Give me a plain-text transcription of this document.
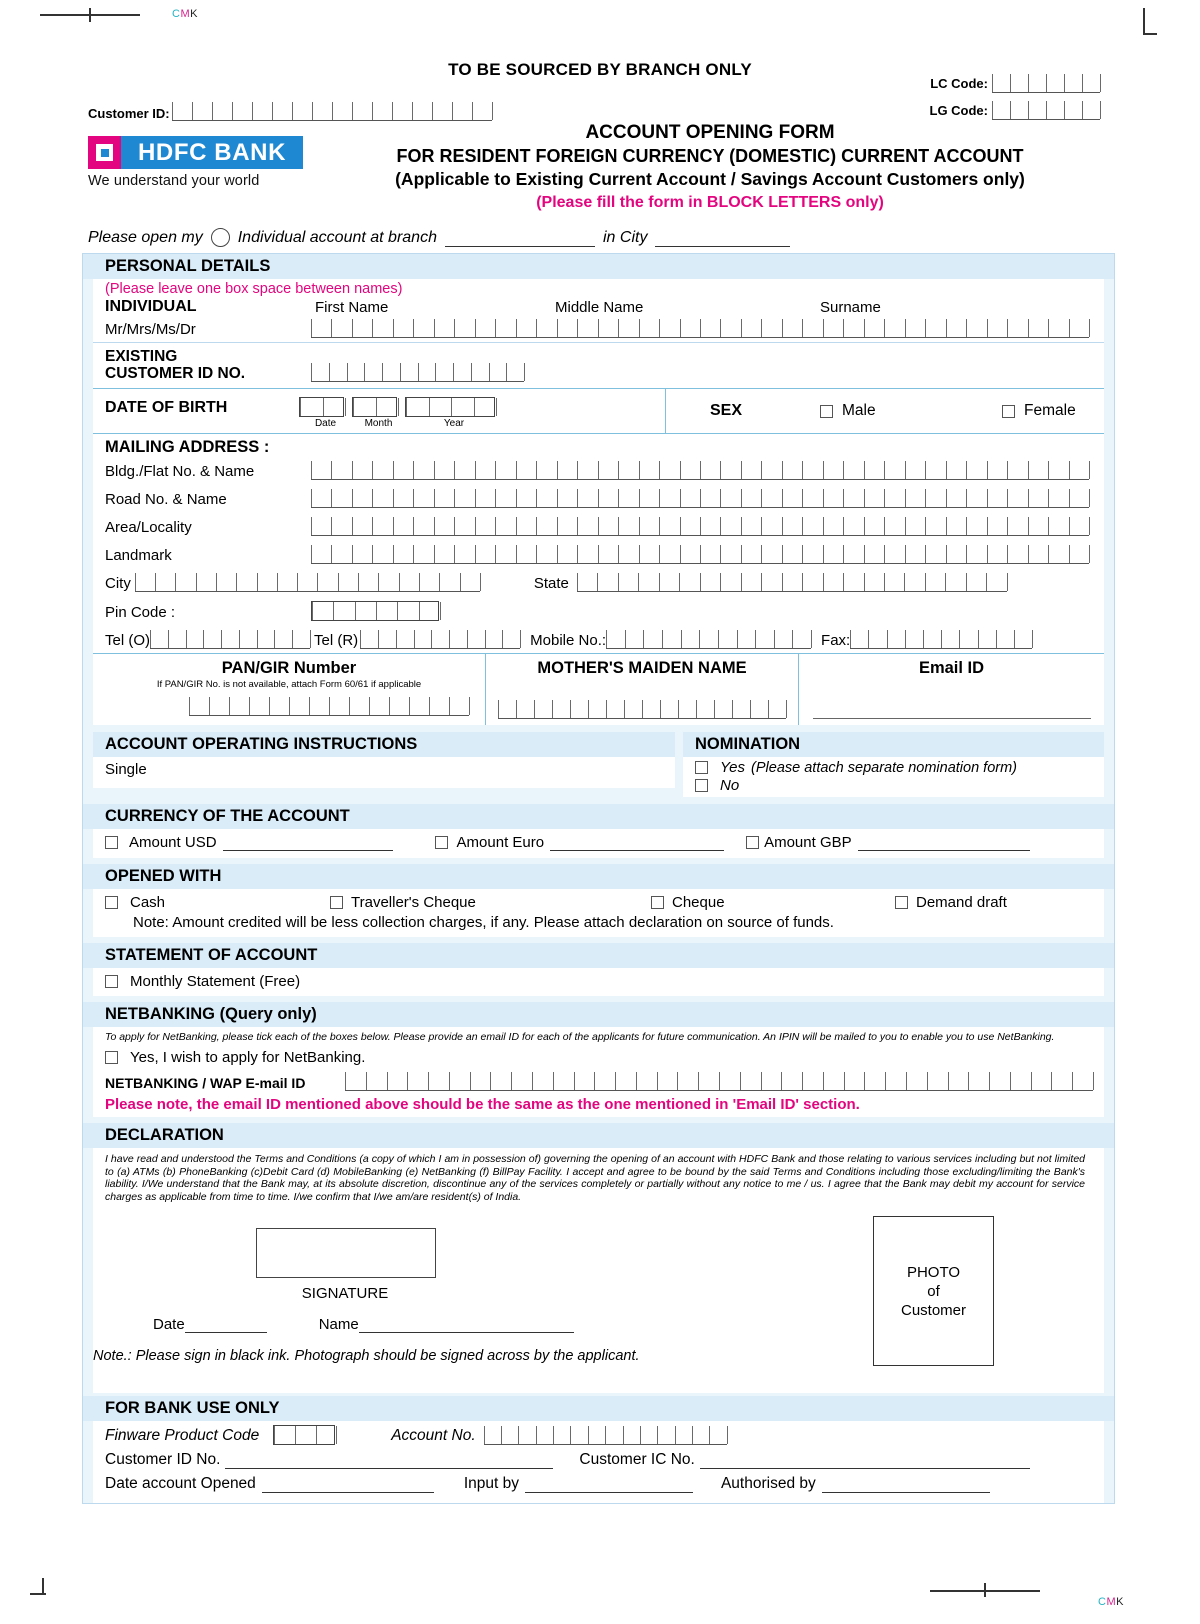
CMK
CMK
TO BE SOURCED BY BRANCH ONLY
LC Code:
LG Code:
Customer ID:
HDFC BANK
We understand your world
ACCOUNT OPENING FORM
FOR RESIDENT FOREIGN CURRENCY (DOMESTIC) CURRENT ACCOUNT
(Applicable to Existing Current Account / Savings Account Customers only)
(Please fill the form in BLOCK LETTERS only)
Please open my Individual account at branch	in City
PERSONAL DETAILS
(Please leave one box space between names)
INDIVIDUAL	First Name	Middle Name	Surname
Mr/Mrs/Ms/Dr
EXISTING
CUSTOMER ID NO.
DATE OF BIRTH
Date	Month	Year
SEX	Male	Female
MAILING ADDRESS :
Bldg./Flat No. & Name
Road No. & Name
Area/Locality
Landmark
City	State
Pin Code :
Tel (O)	Tel (R)	Mobile No.:	Fax:
PAN/GIR Number
If PAN/GIR No. is not available, attach Form 60/61 if applicable
MOTHER'S MAIDEN NAME	Email ID
ACCOUNT OPERATING INSTRUCTIONS
Single
NOMINATION
Yes (Please attach separate nomination form)
No
CURRENCY OF THE ACCOUNT
Amount USD	Amount Euro	Amount GBP
OPENED WITH
Cash	Traveller's Cheque	Cheque	Demand draft
Note: Amount credited will be less collection charges, if any. Please attach declaration on source of funds.
STATEMENT OF ACCOUNT
Monthly Statement (Free)
NETBANKING (Query only)
To apply for NetBanking, please tick each of the boxes below. Please provide an email ID for each of the applicants for future communication. An IPIN will be mailed to you to enable you to use NetBanking.
Yes, I wish to apply for NetBanking.
NETBANKING / WAP E-mail ID
Please note, the email ID mentioned above should be the same as the one mentioned in 'Email ID' section.
DECLARATION
I have read and understood the Terms and Conditions (a copy of which I am in possession of) governing the opening of an account with HDFC Bank and those relating to various services including but not limited to (a) ATMs (b) PhoneBanking (c)Debit Card (d) MobileBanking (e) NetBanking (f) BillPay Facility. I accept and agree to be bound by the said Terms and Conditions including those excluding/limiting the Bank's liability. I/We understand that the Bank may, at its absolute discretion, discontinue any of the services completely or partially without any notice to me / us. I agree that the Bank may debit my account for service charges as applicable from time to time. I/we confirm that I/we am/are resident(s) of India.
SIGNATURE
Date	Name
Note.: Please sign in black ink. Photograph should be signed across by the applicant.
PHOTO
of
Customer
FOR BANK USE ONLY
Finware Product Code	Account No.
Customer ID No.	Customer IC No.
Date account Opened	Input by	Authorised by
